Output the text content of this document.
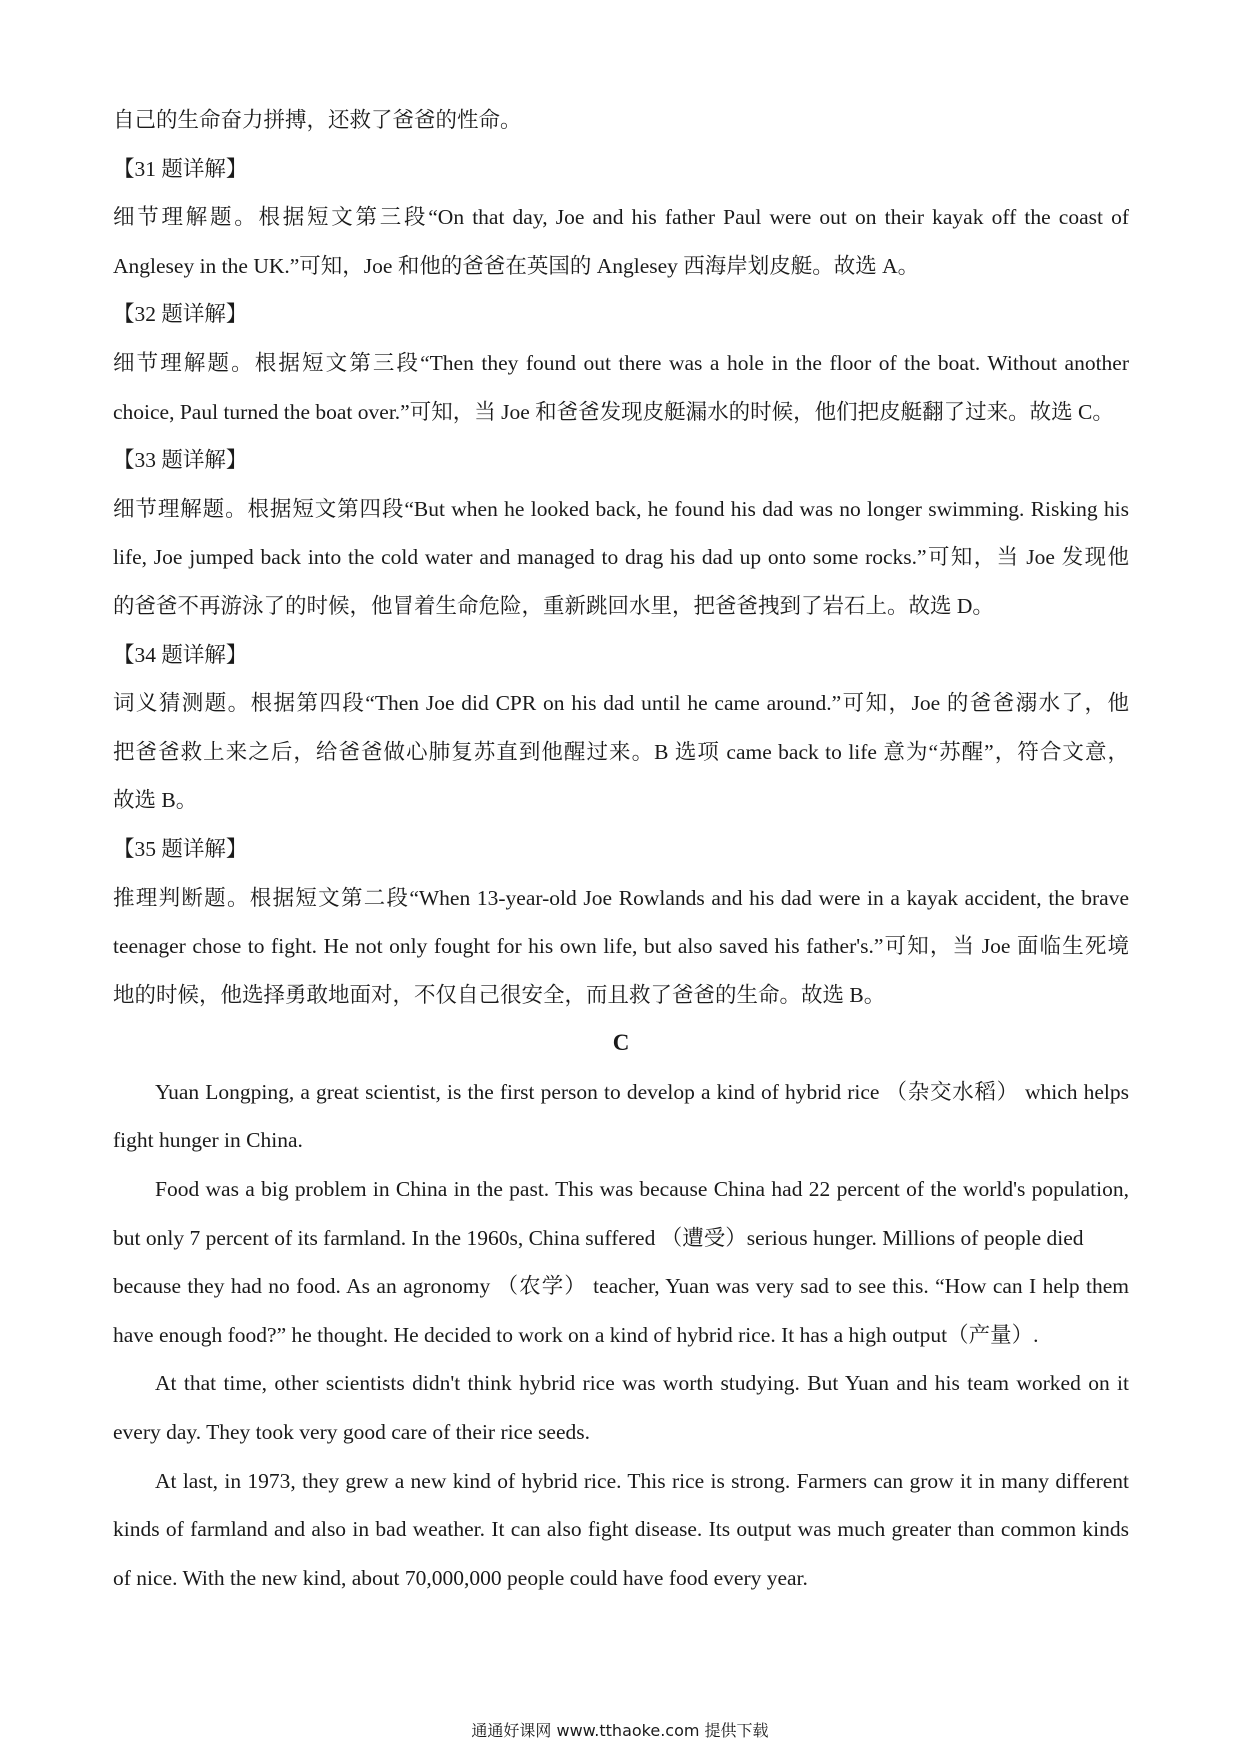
自己的生命奋力拼搏，还救了爸爸的性命。
【31 题详解】
细节理解题。根据短文第三段“On that day, Joe and his father Paul were out on their kayak off the coast of
Anglesey in the UK.”可知，Joe 和他的爸爸在英国的 Anglesey 西海岸划皮艇。故选 A。
【32 题详解】
细节理解题。根据短文第三段“Then they found out there was a hole in the floor of the boat. Without another
choice, Paul turned the boat over.”可知，当 Joe 和爸爸发现皮艇漏水的时候，他们把皮艇翻了过来。故选 C。
【33 题详解】
细节理解题。根据短文第四段“But when he looked back, he found his dad was no longer swimming. Risking his
life, Joe jumped back into the cold water and managed to drag his dad up onto some rocks.”可知，当 Joe 发现他
的爸爸不再游泳了的时候，他冒着生命危险，重新跳回水里，把爸爸拽到了岩石上。故选 D。
【34 题详解】
词义猜测题。根据第四段“Then Joe did CPR on his dad until he came around.”可知，Joe 的爸爸溺水了，他
把爸爸救上来之后，给爸爸做心肺复苏直到他醒过来。B 选项 came back to life 意为“苏醒”，符合文意，
故选 B。
【35 题详解】
推理判断题。根据短文第二段“When 13-year-old Joe Rowlands and his dad were in a kayak accident, the brave
teenager chose to fight. He not only fought for his own life, but also saved his father's.”可知，当 Joe 面临生死境
地的时候，他选择勇敢地面对，不仅自己很安全，而且救了爸爸的生命。故选 B。
C
Yuan Longping, a great scientist, is the first person to develop a kind of hybrid rice （杂交水稻） which helps
fight hunger in China.
Food was a big problem in China in the past. This was because China had 22 percent of the world's population,
but only 7 percent of its farmland. In the 1960s, China suffered （遭受）serious hunger. Millions of people died
because they had no food. As an agronomy （农学） teacher, Yuan was very sad to see this. “How can I help them
have enough food?” he thought. He decided to work on a kind of hybrid rice. It has a high output（产量）.
At that time, other scientists didn't think hybrid rice was worth studying. But Yuan and his team worked on it
every day. They took very good care of their rice seeds.
At last, in 1973, they grew a new kind of hybrid rice. This rice is strong. Farmers can grow it in many different
kinds of farmland and also in bad weather. It can also fight disease. Its output was much greater than common kinds
of nice. With the new kind, about 70,000,000 people could have food every year.
通通好课网 www.tthaoke.com 提供下载
